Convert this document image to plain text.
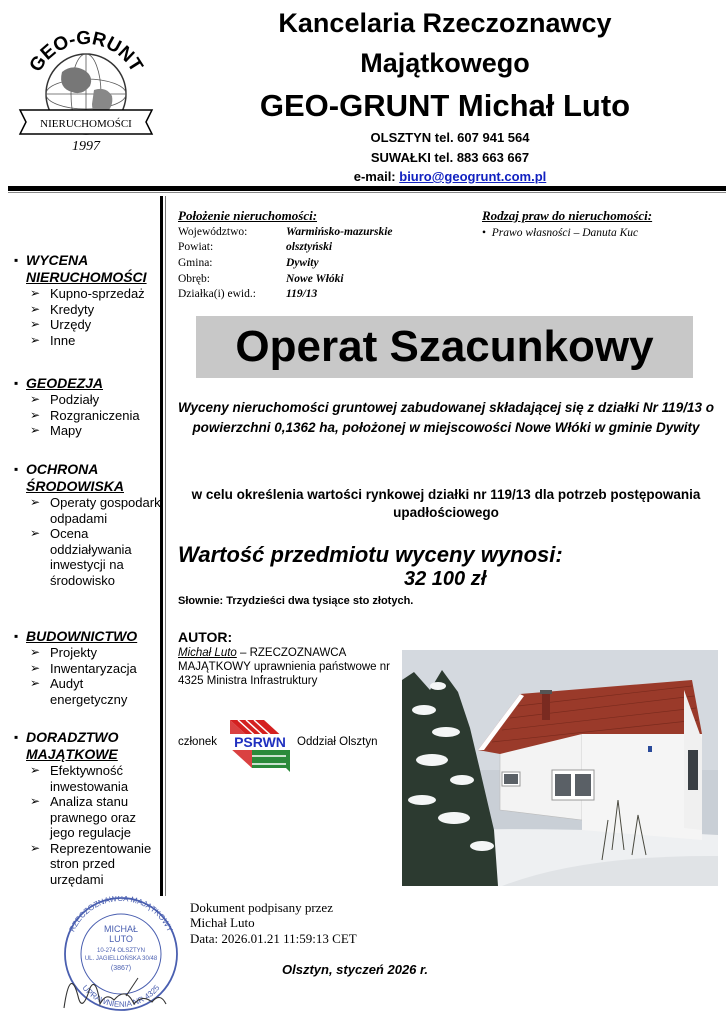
GEO-GRUNT
NIERUCHOMOŚCI
1997
Kancelaria Rzeczoznawcy
Majątkowego
GEO-GRUNT Michał Luto
OLSZTYN tel. 607 941 564
SUWAŁKI tel. 883 663 667
e-mail: biuro@geogrunt.com.pl
▪ WYCENA
NIERUCHOMOŚCI
➢ Kupno-sprzedaż
➢ Kredyty
➢ Urzędy
➢ Inne
▪ GEODEZJA
➢ Podziały
➢ Rozgraniczenia
➢ Mapy
▪ OCHRONA
ŚRODOWISKA
➢ Operaty gospodarki odpadami
➢ Ocena oddziaływania inwestycji na środowisko
▪ BUDOWNICTWO
➢ Projekty
➢ Inwentaryzacja
➢ Audyt energetyczny
▪ DORADZTWO
MAJĄTKOWE
➢ Efektywność inwestowania
➢ Analiza stanu prawnego oraz jego regulacje
➢ Reprezentowanie stron przed urzędami
Położenie nieruchomości:
Województwo:	Warmińsko-mazurskie
Powiat:	olsztyński
Gmina:	Dywity
Obręb:	Nowe Włóki
Działka(i) ewid.:	119/13
Rodzaj praw do nieruchomości:
•  Prawo własności – Danuta Kuc
Operat Szacunkowy
Wyceny nieruchomości gruntowej zabudowanej składającej się z działki Nr 119/13 o powierzchni 0,1362 ha, położonej w miejscowości Nowe Włóki w gminie Dywity
w celu określenia wartości rynkowej działki nr 119/13 dla potrzeb postępowania upadłościowego
Wartość przedmiotu wyceny wynosi:
32 100 zł
Słownie: Trzydzieści dwa tysiące sto złotych.
AUTOR:
Michał Luto – RZECZOZNAWCA MAJĄTKOWY uprawnienia państwowe nr 4325 Ministra Infrastruktury
członek PSRWN Oddział Olsztyn
RZECZOZNAWCA MAJĄTKOWY
UPRAWNIENIA NR 4325
MICHAŁ
LUTO
10-274 OLSZTYN
UL. JAGIELLOŃSKA 30/48
(3867)
Dokument podpisany przez
Michał Luto
Data: 2026.01.21 11:59:13 CET
Olsztyn, styczeń 2026 r.
